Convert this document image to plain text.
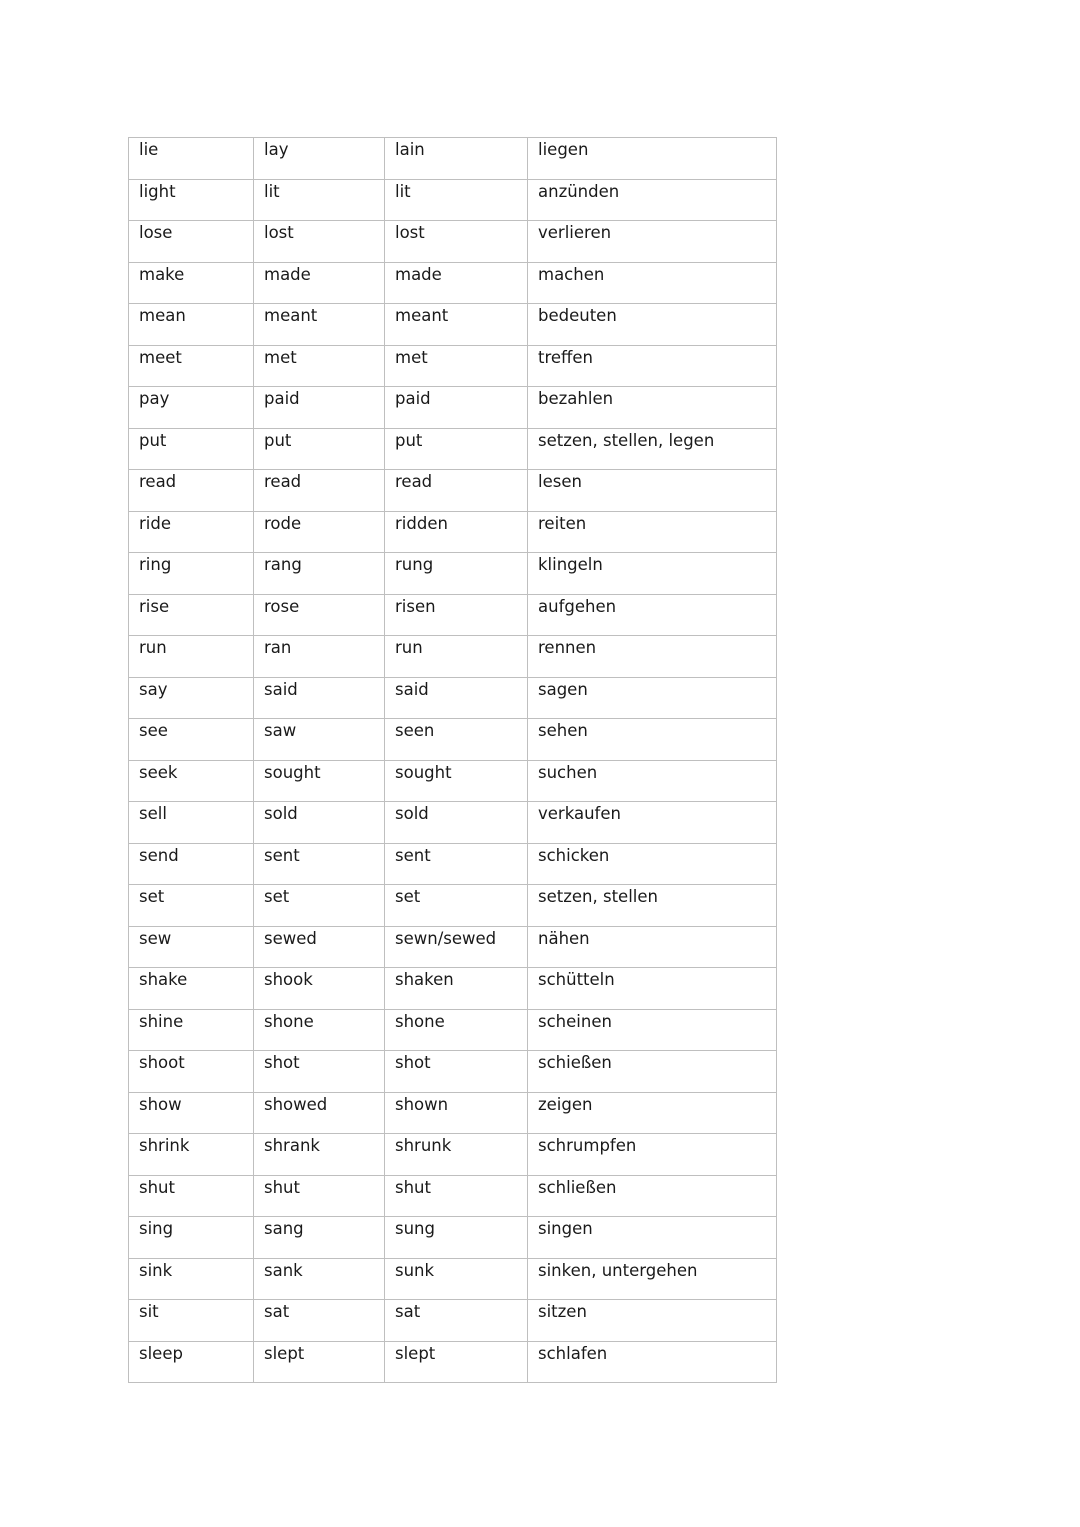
lie	lay	lain	liegen

light	lit	lit	anzünden

lose	lost	lost	verlieren

make	made	made	machen

mean	meant	meant	bedeuten

meet	met	met	treffen

pay	paid	paid	bezahlen

put	put	put	setzen, stellen, legen

read	read	read	lesen

ride	rode	ridden	reiten

ring	rang	rung	klingeln

rise	rose	risen	aufgehen

run	ran	run	rennen

say	said	said	sagen

see	saw	seen	sehen

seek	sought	sought	suchen

sell	sold	sold	verkaufen

send	sent	sent	schicken

set	set	set	setzen, stellen

sew	sewed	sewn/sewed	nähen

shake	shook	shaken	schütteln

shine	shone	shone	scheinen

shoot	shot	shot	schießen

show	showed	shown	zeigen

shrink	shrank	shrunk	schrumpfen

shut	shut	shut	schließen

sing	sang	sung	singen

sink	sank	sunk	sinken, untergehen

sit	sat	sat	sitzen

sleep	slept	slept	schlafen
